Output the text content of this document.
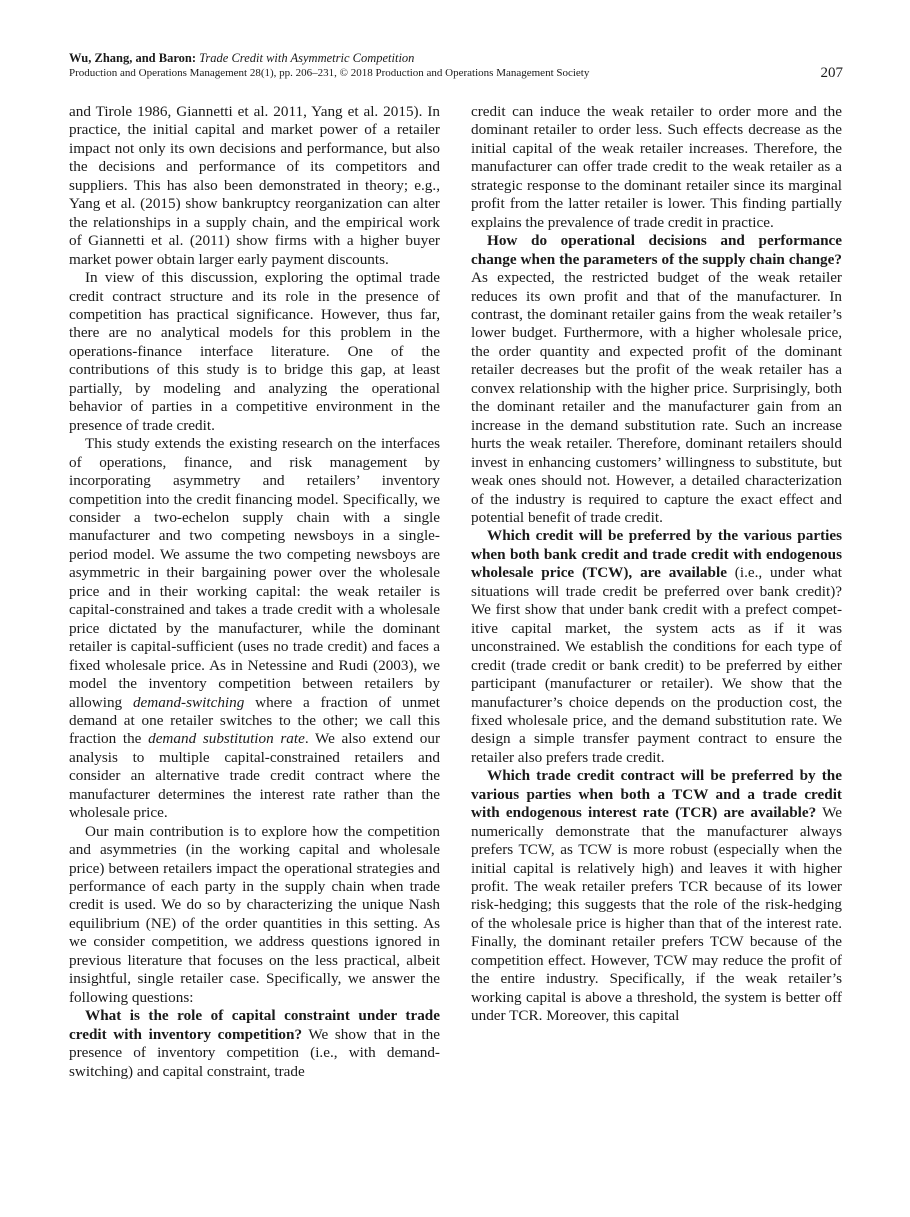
Wu, Zhang, and Baron: Trade Credit with Asymmetric Competition
Production and Operations Management 28(1), pp. 206–231, © 2018 Production and Operations Management Society	207

and Tirole 1986, Giannetti et al. 2011, Yang et al. 2015). In practice, the initial capital and market power of a retailer impact not only its own decisions and performance, but also the decisions and performance of its competitors and suppliers. This has also been demonstrated in theory; e.g., Yang et al. (2015) show bankruptcy reorganization can alter the relationships in a supply chain, and the empirical work of Giannetti et al. (2011) show firms with a higher buyer market power obtain larger early payment discounts.

In view of this discussion, exploring the optimal trade credit contract structure and its role in the presence of competition has practical significance. However, thus far, there are no analytical models for this problem in the operations-finance interface literature. One of the contributions of this study is to bridge this gap, at least partially, by modeling and analyzing the operational behavior of parties in a competitive environment in the presence of trade credit.

This study extends the existing research on the interfaces of operations, finance, and risk management by incorporating asymmetry and retailers’ inventory competition into the credit financing model. Specifically, we consider a two-echelon supply chain with a single manufacturer and two competing newsboys in a single-period model. We assume the two competing newsboys are asymmetric in their bargaining power over the wholesale price and in their working capital: the weak retailer is capital-constrained and takes a trade credit with a wholesale price dictated by the manufacturer, while the dominant retailer is capital-sufficient (uses no trade credit) and faces a fixed wholesale price. As in Netessine and Rudi (2003), we model the inventory competition between retailers by allowing demand-switching where a fraction of unmet demand at one retailer switches to the other; we call this fraction the demand substitution rate. We also extend our analysis to multiple capital-constrained retailers and consider an alternative trade credit contract where the manufacturer determines the interest rate rather than the wholesale price.

Our main contribution is to explore how the competition and asymmetries (in the working capital and wholesale price) between retailers impact the operational strategies and performance of each party in the supply chain when trade credit is used. We do so by characterizing the unique Nash equilibrium (NE) of the order quantities in this setting. As we consider competition, we address questions ignored in previous literature that focuses on the less practical, albeit insightful, single retailer case. Specifically, we answer the following questions:

What is the role of capital constraint under trade credit with inventory competition? We show that in the presence of inventory competition (i.e., with demand-switching) and capital constraint, trade

credit can induce the weak retailer to order more and the dominant retailer to order less. Such effects decrease as the initial capital of the weak retailer increases. Therefore, the manufacturer can offer trade credit to the weak retailer as a strategic response to the dominant retailer since its marginal profit from the latter retailer is lower. This finding partially explains the prevalence of trade credit in practice.

How do operational decisions and performance change when the parameters of the supply chain change? As expected, the restricted budget of the weak retailer reduces its own profit and that of the manufacturer. In contrast, the dominant retailer gains from the weak retailer’s lower budget. Furthermore, with a higher wholesale price, the order quantity and expected profit of the dominant retailer decreases but the profit of the weak retailer has a convex relationship with the higher price. Surprisingly, both the dominant retailer and the manufacturer gain from an increase in the demand substitution rate. Such an increase hurts the weak retailer. Therefore, dominant retailers should invest in enhancing customers’ willingness to substitute, but weak ones should not. However, a detailed characterization of the industry is required to capture the exact effect and potential benefit of trade credit.

Which credit will be preferred by the various parties when both bank credit and trade credit with endogenous wholesale price (TCW), are available (i.e., under what situations will trade credit be preferred over bank credit)? We first show that under bank credit with a prefect competitive capital market, the system acts as if it was unconstrained. We establish the conditions for each type of credit (trade credit or bank credit) to be preferred by either participant (manufacturer or retailer). We show that the manufacturer’s choice depends on the production cost, the fixed wholesale price, and the demand substitution rate. We design a simple transfer payment contract to ensure the retailer also prefers trade credit.

Which trade credit contract will be preferred by the various parties when both a TCW and a trade credit with endogenous interest rate (TCR) are available? We numerically demonstrate that the manufacturer always prefers TCW, as TCW is more robust (especially when the initial capital is relatively high) and leaves it with higher profit. The weak retailer prefers TCR because of its lower risk-hedging; this suggests that the role of the risk-hedging of the wholesale price is higher than that of the interest rate. Finally, the dominant retailer prefers TCW because of the competition effect. However, TCW may reduce the profit of the entire industry. Specifically, if the weak retailer’s working capital is above a threshold, the system is better off under TCR. Moreover, this capital
